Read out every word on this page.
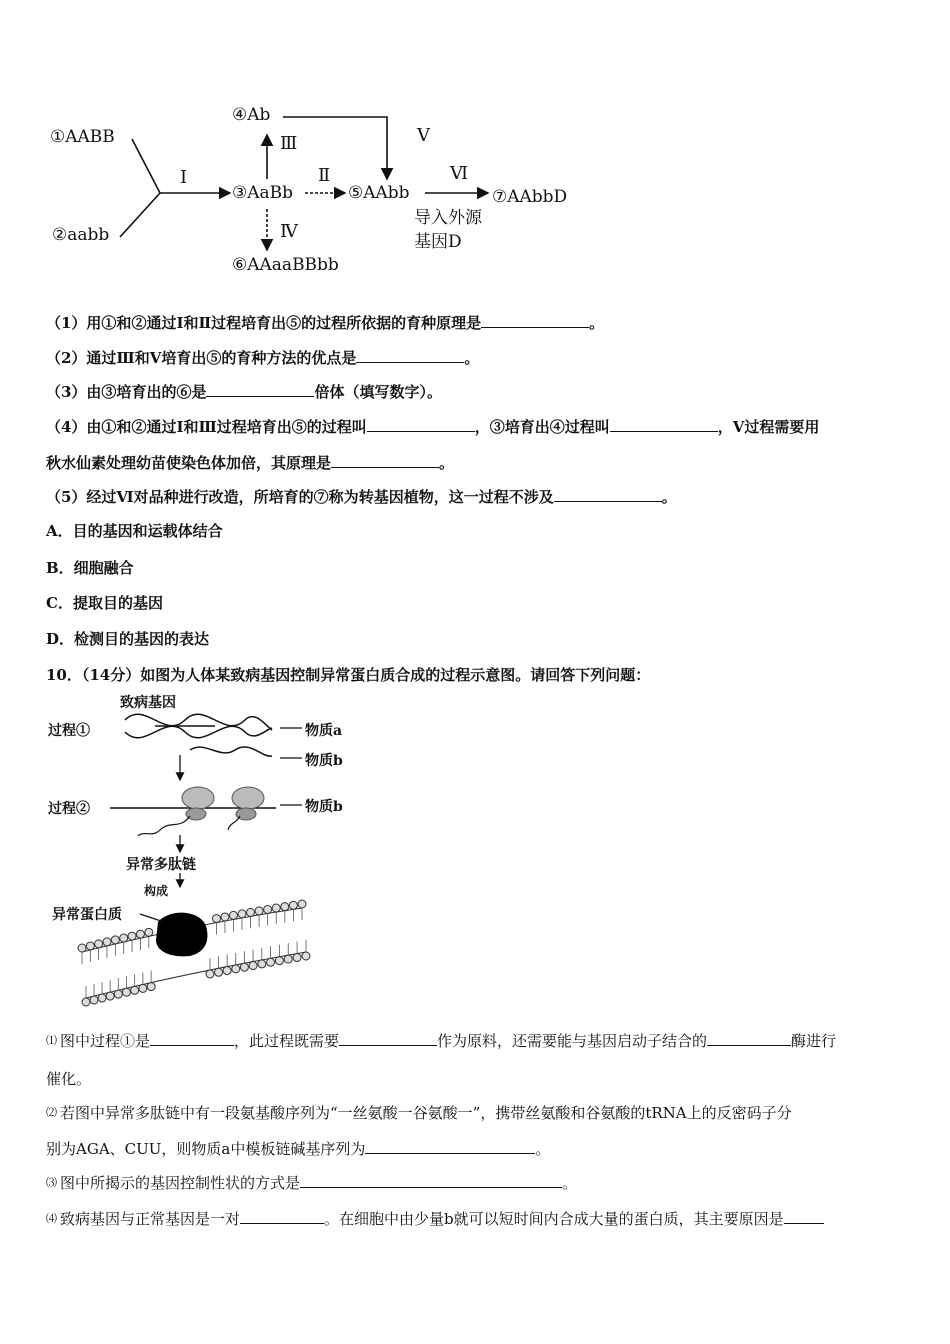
①AABB
②aabb
③AaBb
④Ab
⑤AAbb
⑥AAaaBBbb
⑦AAbbD
Ⅰ	Ⅱ
Ⅲ
Ⅳ
Ⅴ
Ⅵ
导入外源
基因D
（1）用①和②通过Ⅰ和Ⅱ过程培育出⑤的过程所依据的育种原理是	。
（2）通过Ⅲ和Ⅴ培育出⑤的育种方法的优点是	。
（3）由③培育出的⑥是	倍体（填写数字）。
（4）由①和②通过Ⅰ和Ⅲ过程培育出⑤的过程叫	，③培育出④过程叫	，Ⅴ过程需要用
秋水仙素处理幼苗使染色体加倍，其原理是	。
（5）经过Ⅵ对品种进行改造，所培育的⑦称为转基因植物，这一过程不涉及	。
A．目的基因和运载体结合
B．细胞融合
C．提取目的基因
D．检测目的基因的表达
10．（14分）如图为人体某致病基因控制异常蛋白质合成的过程示意图。请回答下列问题：
致病基因
过程①	物质a
物质b
过程②	物质b
异常多肽链
构成
异常蛋白质
⑴ 图中过程①是	，此过程既需要	作为原料，还需要能与基因启动子结合的	酶进行
催化。
⑵ 若图中异常多肽链中有一段氨基酸序列为“一丝氨酸一谷氨酸一”，携带丝氨酸和谷氨酸的tRNA上的反密码子分
别为AGA、CUU，则物质a中模板链碱基序列为	。
⑶ 图中所揭示的基因控制性状的方式是	。
⑷ 致病基因与正常基因是一对	。在细胞中由少量b就可以短时间内合成大量的蛋白质，其主要原因是
